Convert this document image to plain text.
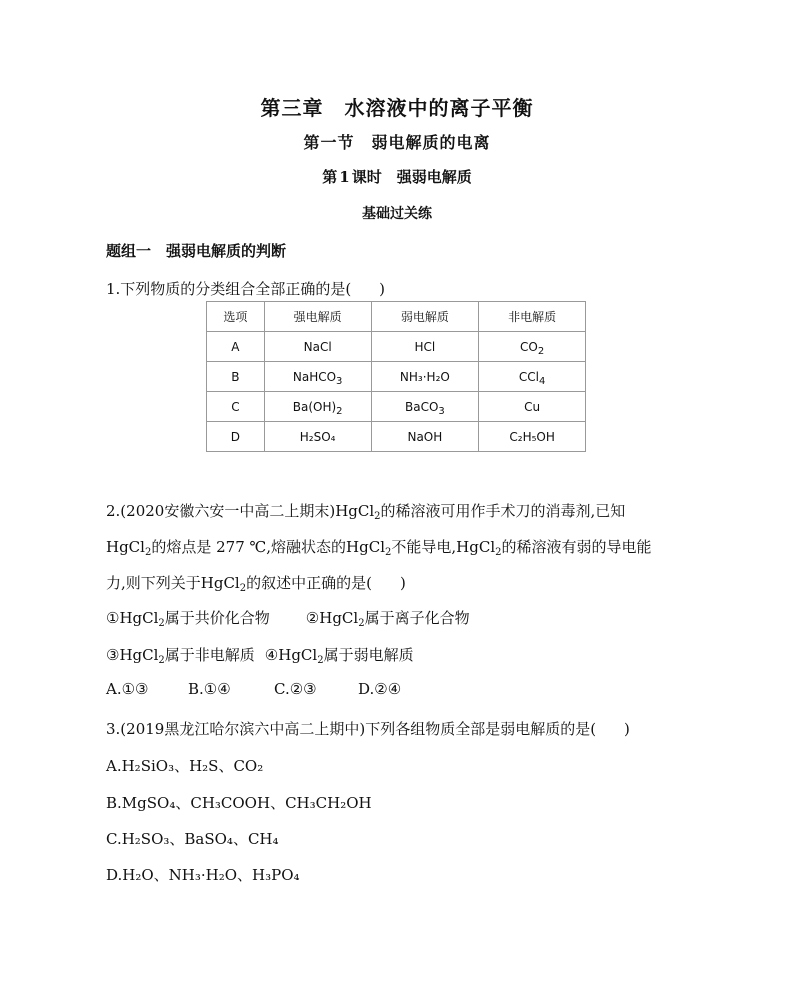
第三章　水溶液中的离子平衡
第一节　弱电解质的电离
第 1 课时　强弱电解质
基础过关练
题组一　强弱电解质的判断
1.下列物质的分类组合全部正确的是( )
选项	强电解质	弱电解质	非电解质
A	NaCl	HCl	$CO_2$
B	NaHCO$_3$	NH₃·H₂O	CCl$_4$
C	$Ba(OH)_2$	BaCO$_3$	Cu
D	H₂SO₄	NaOH	C₂H₅OH
2.(2020安徽六安一中高二上期末)HgCl$_2$的稀溶液可用作手术刀的消毒剂,已知
HgCl$_2$的熔点是 277 ℃,熔融状态的HgCl$_2$不能导电,HgCl$_2$的稀溶液有弱的导电能
力,则下列关于HgCl$_2$的叙述中正确的是( )
①HgCl$_2$属于共价化合物 ②HgCl$_2$属于离子化合物
③HgCl$_2$属于非电解质 ④HgCl$_2$属于弱电解质
A.①③	B.①④	C.②③	D.②④
3.(2019黑龙江哈尔滨六中高二上期中)下列各组物质全部是弱电解质的是( )
A.H₂SiO₃、H₂S、CO₂
B.MgSO₄、CH₃COOH、CH₃CH₂OH
C.H₂SO₃、BaSO₄、CH₄
D.H₂O、NH₃·H₂O、H₃PO₄
